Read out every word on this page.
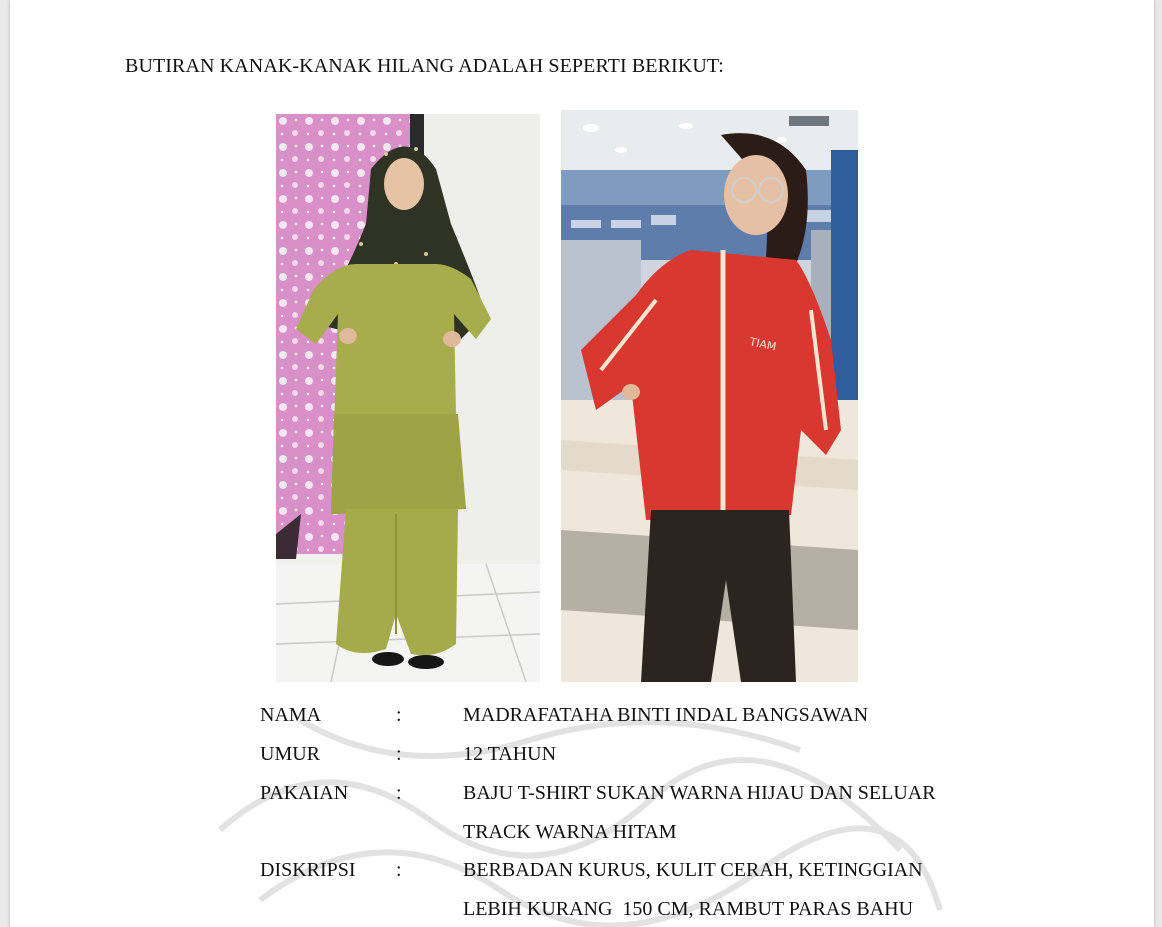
BUTIRAN KANAK-KANAK HILANG ADALAH SEPERTI BERIKUT:
TIAM
NAMA	:	MADRAFATAHA BINTI INDAL BANGSAWAN
UMUR	:	12 TAHUN
PAKAIAN :	BAJU T-SHIRT SUKAN WARNA HIJAU DAN SELUAR
TRACK WARNA HITAM
DISKRIPSI :	BERBADAN KURUS, KULIT CERAH, KETINGGIAN
LEBIH KURANG  150 CM, RAMBUT PARAS BAHU
